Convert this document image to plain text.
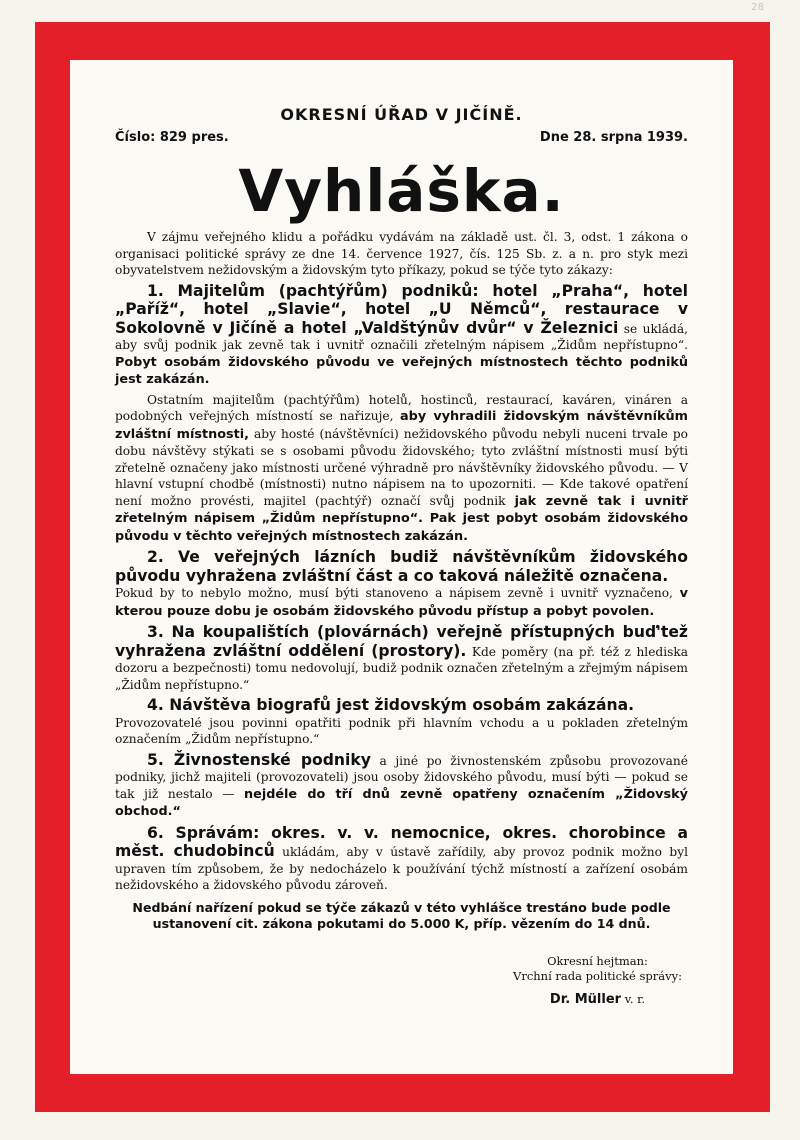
28
OKRESNÍ ÚŘAD V JIČÍNĚ.
Číslo: 829 pres.	Dne 28. srpna 1939.
Vyhláška.

V zájmu veřejného klidu a pořádku vydávám na základě ust. čl. 3, odst. 1 zákona o organisaci politické správy ze dne 14. července 1927, čís. 125 Sb. z. a n. pro styk mezi obyvatelstvem nežidovským a židovským tyto příkazy, pokud se týče tyto zákazy:

1. Majitelům (pachtýřům) podniků: hotel „Praha“, hotel „Paříž“, hotel „Slavie“, hotel „U Němců“, restaurace v Sokolovně v Jičíně a hotel „Valdštýnův dvůr“ v Železnici se ukládá, aby svůj podnik jak zevně tak i uvnitř označili zřetelným nápisem „Židům nepřístupno“. Pobyt osobám židovského původu ve veřejných místnostech těchto podniků jest zakázán.

Ostatním majitelům (pachtýřům) hotelů, hostinců, restaurací, kaváren, vináren a podobných veřejných místností se nařizuje, aby vyhradili židovským návštěvníkům zvláštní místnosti, aby hosté (návštěvníci) nežidovského původu nebyli nuceni trvale po dobu návštěvy stýkati se s osobami původu židovského; tyto zvláštní místnosti musí býti zřetelně označeny jako místnosti určené výhradně pro návštěvníky židovského původu. — V hlavní vstupní chodbě (místnosti) nutno nápisem na to upozorniti. — Kde takové opatření není možno provésti, majitel (pachtýř) označí svůj podnik jak zevně tak i uvnitř zřetelným nápisem „Židům nepřístupno“. Pak jest pobyt osobám židovského původu v těchto veřejných místnostech zakázán.

2. Ve veřejných lázních budiž návštěvníkům židovského původu vyhražena zvláštní část a co taková náležitě označena.
Pokud by to nebylo možno, musí býti stanoveno a nápisem zevně i uvnitř vyznačeno, v kterou pouze dobu je osobám židovského původu přístup a pobyt povolen.

3. Na koupalištích (plovárnách) veřejně přístupných buď'tež vyhražena zvláštní oddělení (prostory). Kde poměry (na př. též z hlediska dozoru a bezpečnosti) tomu nedovolují, budiž podnik označen zřetelným a zřejmým nápisem „Židům nepřístupno.“

4. Návštěva biografů jest židovským osobám zakázána.
Provozovatelé jsou povinni opatřiti podnik při hlavním vchodu a u pokladen zřetelným označením „Židům nepřístupno.“

5. Živnostenské podniky a jiné po živnostenském způsobu provozované podniky, jichž majiteli (provozovateli) jsou osoby židovského původu, musí býti — pokud se tak již nestalo — nejdéle do tří dnů zevně opatřeny označením „Židovský obchod.“

6. Správám: okres. v. v. nemocnice, okres. chorobince a měst. chudobinců ukládám, aby v ústavě zařídily, aby provoz podnik možno byl upraven tím způsobem, že by nedocházelo k používání týchž místností a zařízení osobám nežidovského a židovského původu zároveň.

Nedbání nařízení pokud se týče zákazů v této vyhlášce trestáno bude podle ustanovení cit. zákona pokutami do 5.000 K, příp. vězením do 14 dnů.
Okresní hejtman:
Vrchní rada politické správy:
Dr. Müller v. r.
